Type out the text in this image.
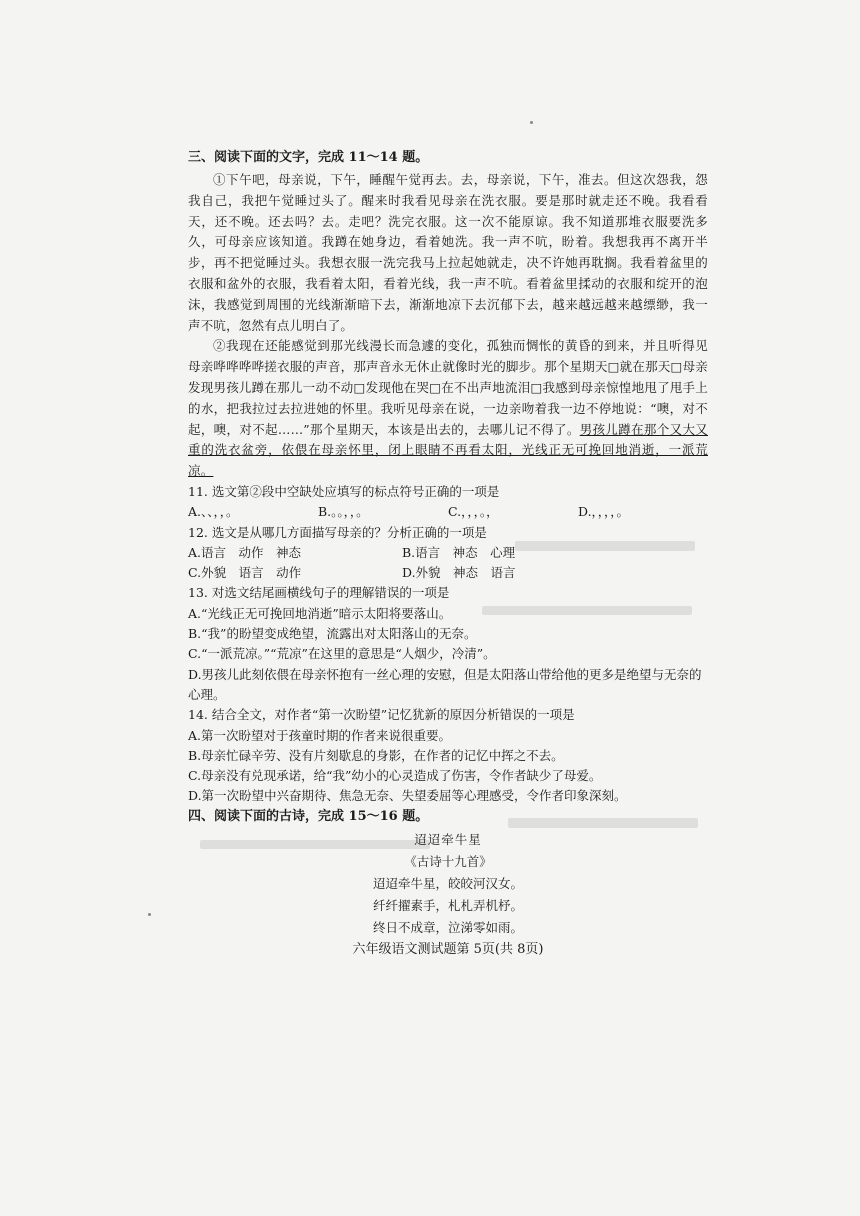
三、阅读下面的文字，完成 11～14 题。

①下午吧，母亲说，下午，睡醒午觉再去。去，母亲说，下午，准去。但这次怨我，怨我自己，我把午觉睡过头了。醒来时我看见母亲在洗衣服。要是那时就走还不晚。我看看天，还不晚。还去吗？去。走吧？洗完衣服。这一次不能原谅。我不知道那堆衣服要洗多久，可母亲应该知道。我蹲在她身边，看着她洗。我一声不吭，盼着。我想我再不离开半步，再不把觉睡过头。我想衣服一洗完我马上拉起她就走，决不许她再耽搁。我看着盆里的衣服和盆外的衣服，我看着太阳，看着光线，我一声不吭。看着盆里揉动的衣服和绽开的泡沫，我感觉到周围的光线渐渐暗下去，渐渐地凉下去沉郁下去，越来越远越来越缥缈，我一声不吭，忽然有点儿明白了。

②我现在还能感觉到那光线漫长而急遽的变化，孤独而惆怅的黄昏的到来，并且听得见母亲哗哗哗哗搓衣服的声音，那声音永无休止就像时光的脚步。那个星期天□就在那天□母亲发现男孩儿蹲在那儿一动不动□发现他在哭□在不出声地流泪□我感到母亲惊惶地甩了甩手上的水，把我拉过去拉进她的怀里。我听见母亲在说，一边亲吻着我一边不停地说：“噢，对不起，噢，对不起……”那个星期天，本该是出去的，去哪儿记不得了。男孩儿蹲在那个又大又重的洗衣盆旁，依偎在母亲怀里，闭上眼睛不再看太阳，光线正无可挽回地消逝，一派荒凉。

11. 选文第②段中空缺处应填写的标点符号正确的一项是
A.、、，，。	B.。。，，。	C.，，，。，	D.，，，，。
12. 选文是从哪几方面描写母亲的？分析正确的一项是
A.语言　动作　神态	B.语言　神态　心理
C.外貌　语言　动作	D.外貌　神态　语言
13. 对选文结尾画横线句子的理解错误的一项是
A.“光线正无可挽回地消逝”暗示太阳将要落山。
B.“我”的盼望变成绝望，流露出对太阳落山的无奈。
C.“一派荒凉。”“荒凉”在这里的意思是“人烟少，冷清”。
D.男孩儿此刻依偎在母亲怀抱有一丝心理的安慰，但是太阳落山带给他的更多是绝望与无奈的心理。
14. 结合全文，对作者“第一次盼望”记忆犹新的原因分析错误的一项是
A.第一次盼望对于孩童时期的作者来说很重要。
B.母亲忙碌辛劳、没有片刻歇息的身影，在作者的记忆中挥之不去。
C.母亲没有兑现承诺，给“我”幼小的心灵造成了伤害，令作者缺少了母爱。
D.第一次盼望中兴奋期待、焦急无奈、失望委屈等心理感受，令作者印象深刻。
四、阅读下面的古诗，完成 15～16 题。
迢迢牵牛星
《古诗十九首》
迢迢牵牛星，皎皎河汉女。
纤纤擢素手，札札弄机杼。
终日不成章，泣涕零如雨。
六年级语文测试题第 5页(共 8页)
